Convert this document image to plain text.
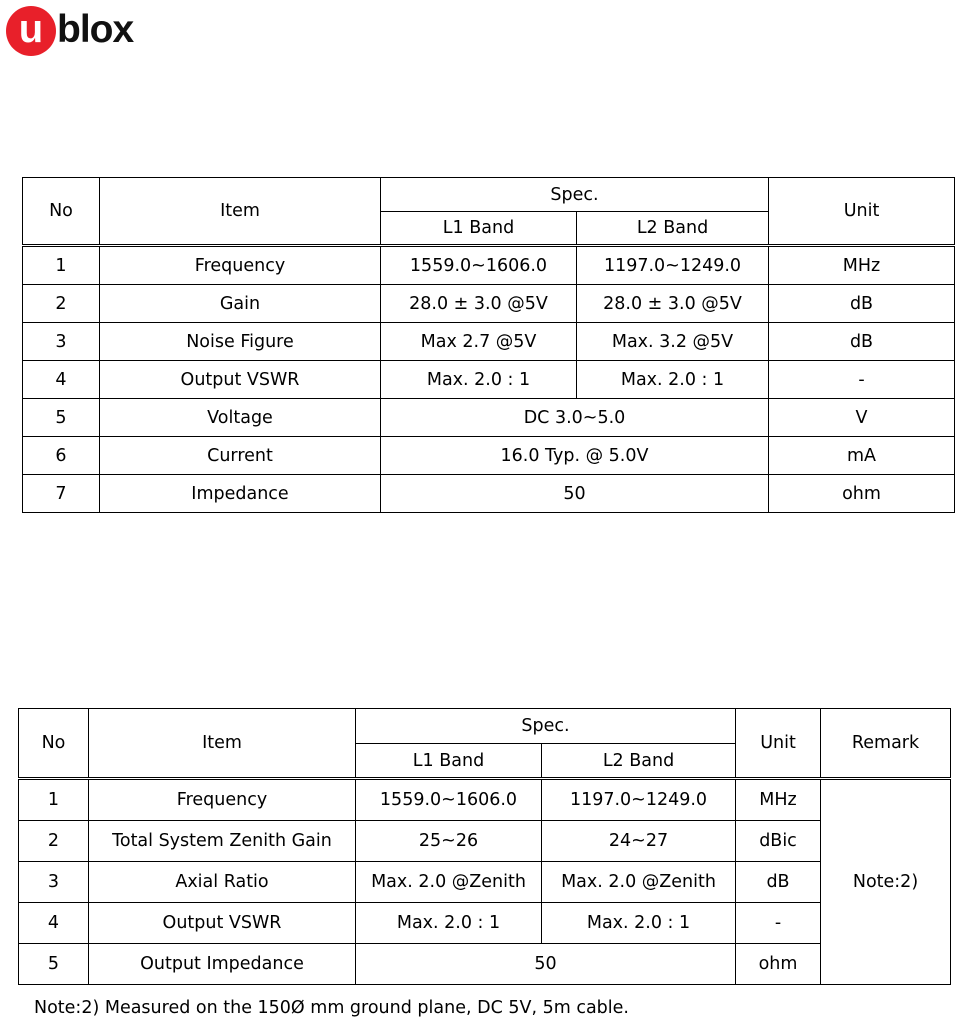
u blox
No	Item	Spec.		Unit
		L1 Band	L2 Band	
1	Frequency	1559.0~1606.0	1197.0~1249.0	MHz
2	Gain	28.0 ± 3.0 @5V	28.0 ± 3.0 @5V	dB
3	Noise Figure	Max 2.7 @5V	Max. 3.2 @5V	dB
4	Output VSWR	Max. 2.0 : 1	Max. 2.0 : 1	-
5	Voltage	DC 3.0~5.0		V
6	Current	16.0 Typ. @ 5.0V		mA
7	Impedance	50		ohm
No	Item	Spec.		Unit	Remark
		L1 Band	L2 Band		
1	Frequency	1559.0~1606.0	1197.0~1249.0	MHz	Note:2)
2	Total System Zenith Gain	25~26	24~27	dBic	
3	Axial Ratio	Max. 2.0 @Zenith	Max. 2.0 @Zenith	dB	
4	Output VSWR	Max. 2.0 : 1	Max. 2.0 : 1	-	
5	Output Impedance	50		ohm	
Note:2) Measured on the 150Ø mm ground plane, DC 5V, 5m cable.
